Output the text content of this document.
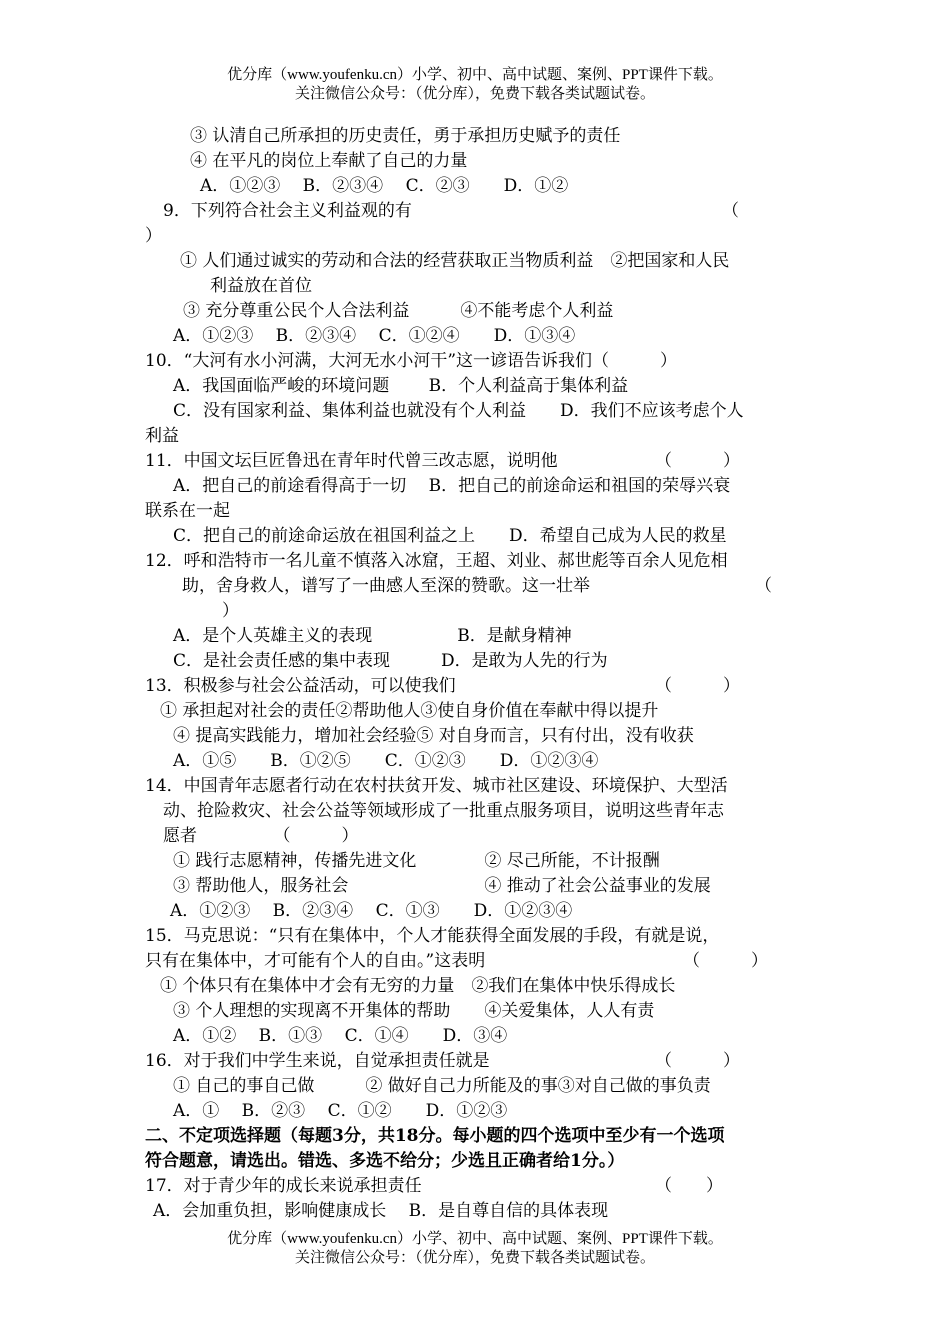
优分库（www.youfenku.cn）小学、初中、高中试题、案例、PPT课件下载。
关注微信公众号：（优分库），免费下载各类试题试卷。
③ 认清自己所承担的历史责任，勇于承担历史赋予的责任
④ 在平凡的岗位上奉献了自己的力量
A．①②③　 B．②③④　 C．②③　　D．①②
9．下列符合社会主义利益观的有	（
）
① 人们通过诚实的劳动和合法的经营获取正当物质利益　②把国家和人民
利益放在首位
③ 充分尊重公民个人合法利益　　　④不能考虑个人利益
A．①②③　 B．②③④　 C．①②④　　D．①③④
10．“大河有水小河满，大河无水小河干”这一谚语告诉我们（　　　）
A．我国面临严峻的环境问题　　 B．个人利益高于集体利益
C．没有国家利益、集体利益也就没有个人利益　　D．我们不应该考虑个人
利益
11．中国文坛巨匠鲁迅在青年时代曾三改志愿，说明他	（　　　）
A．把自己的前途看得高于一切　 B．把自己的前途命运和祖国的荣辱兴衰
联系在一起
C．把自己的前途命运放在祖国利益之上　　D．希望自己成为人民的救星
12．呼和浩特市一名儿童不慎落入冰窟，王超、刘业、郝世彪等百余人见危相
助，舍身救人，谱写了一曲感人至深的赞歌。这一壮举	（
）
A．是个人英雄主义的表现　　　　　B．是献身精神
C．是社会责任感的集中表现　　　D．是敢为人先的行为
13．积极参与社会公益活动，可以使我们	（　　　）
① 承担起对社会的责任②帮助他人③使自身价值在奉献中得以提升
④ 提高实践能力，增加社会经验⑤ 对自身而言，只有付出，没有收获
A．①⑤　　B．①②⑤　　C．①②③　　D．①②③④
14．中国青年志愿者行动在农村扶贫开发、城市社区建设、环境保护、大型活
动、抢险救灾、社会公益等领域形成了一批重点服务项目，说明这些青年志
愿者　　　　　（　　　）
① 践行志愿精神，传播先进文化　　　　② 尽己所能，不计报酬
③ 帮助他人，服务社会　　　　　　　　④ 推动了社会公益事业的发展
A．①②③　 B．②③④　 C．①③　　D．①②③④
15．马克思说：“只有在集体中，个人才能获得全面发展的手段，有就是说，
只有在集体中，才可能有个人的自由。”这表明	（　　　）
① 个体只有在集体中才会有无穷的力量　②我们在集体中快乐得成长
③ 个人理想的实现离不开集体的帮助　　④关爱集体，人人有责
A．①②　 B．①③　 C．①④　　D．③④
16．对于我们中学生来说，自觉承担责任就是	（　　　）
① 自己的事自己做　　　② 做好自己力所能及的事③对自己做的事负责
A．①　 B．②③　 C．①②　　D．①②③
二、不定项选择题（每题3分，共18分。每小题的四个选项中至少有一个选项
符合题意，请选出。错选、多选不给分；少选且正确者给1分。）
17．对于青少年的成长来说承担责任	（　　）
A．会加重负担，影响健康成长　 B．是自尊自信的具体表现
优分库（www.youfenku.cn）小学、初中、高中试题、案例、PPT课件下载。
关注微信公众号：（优分库），免费下载各类试题试卷。
